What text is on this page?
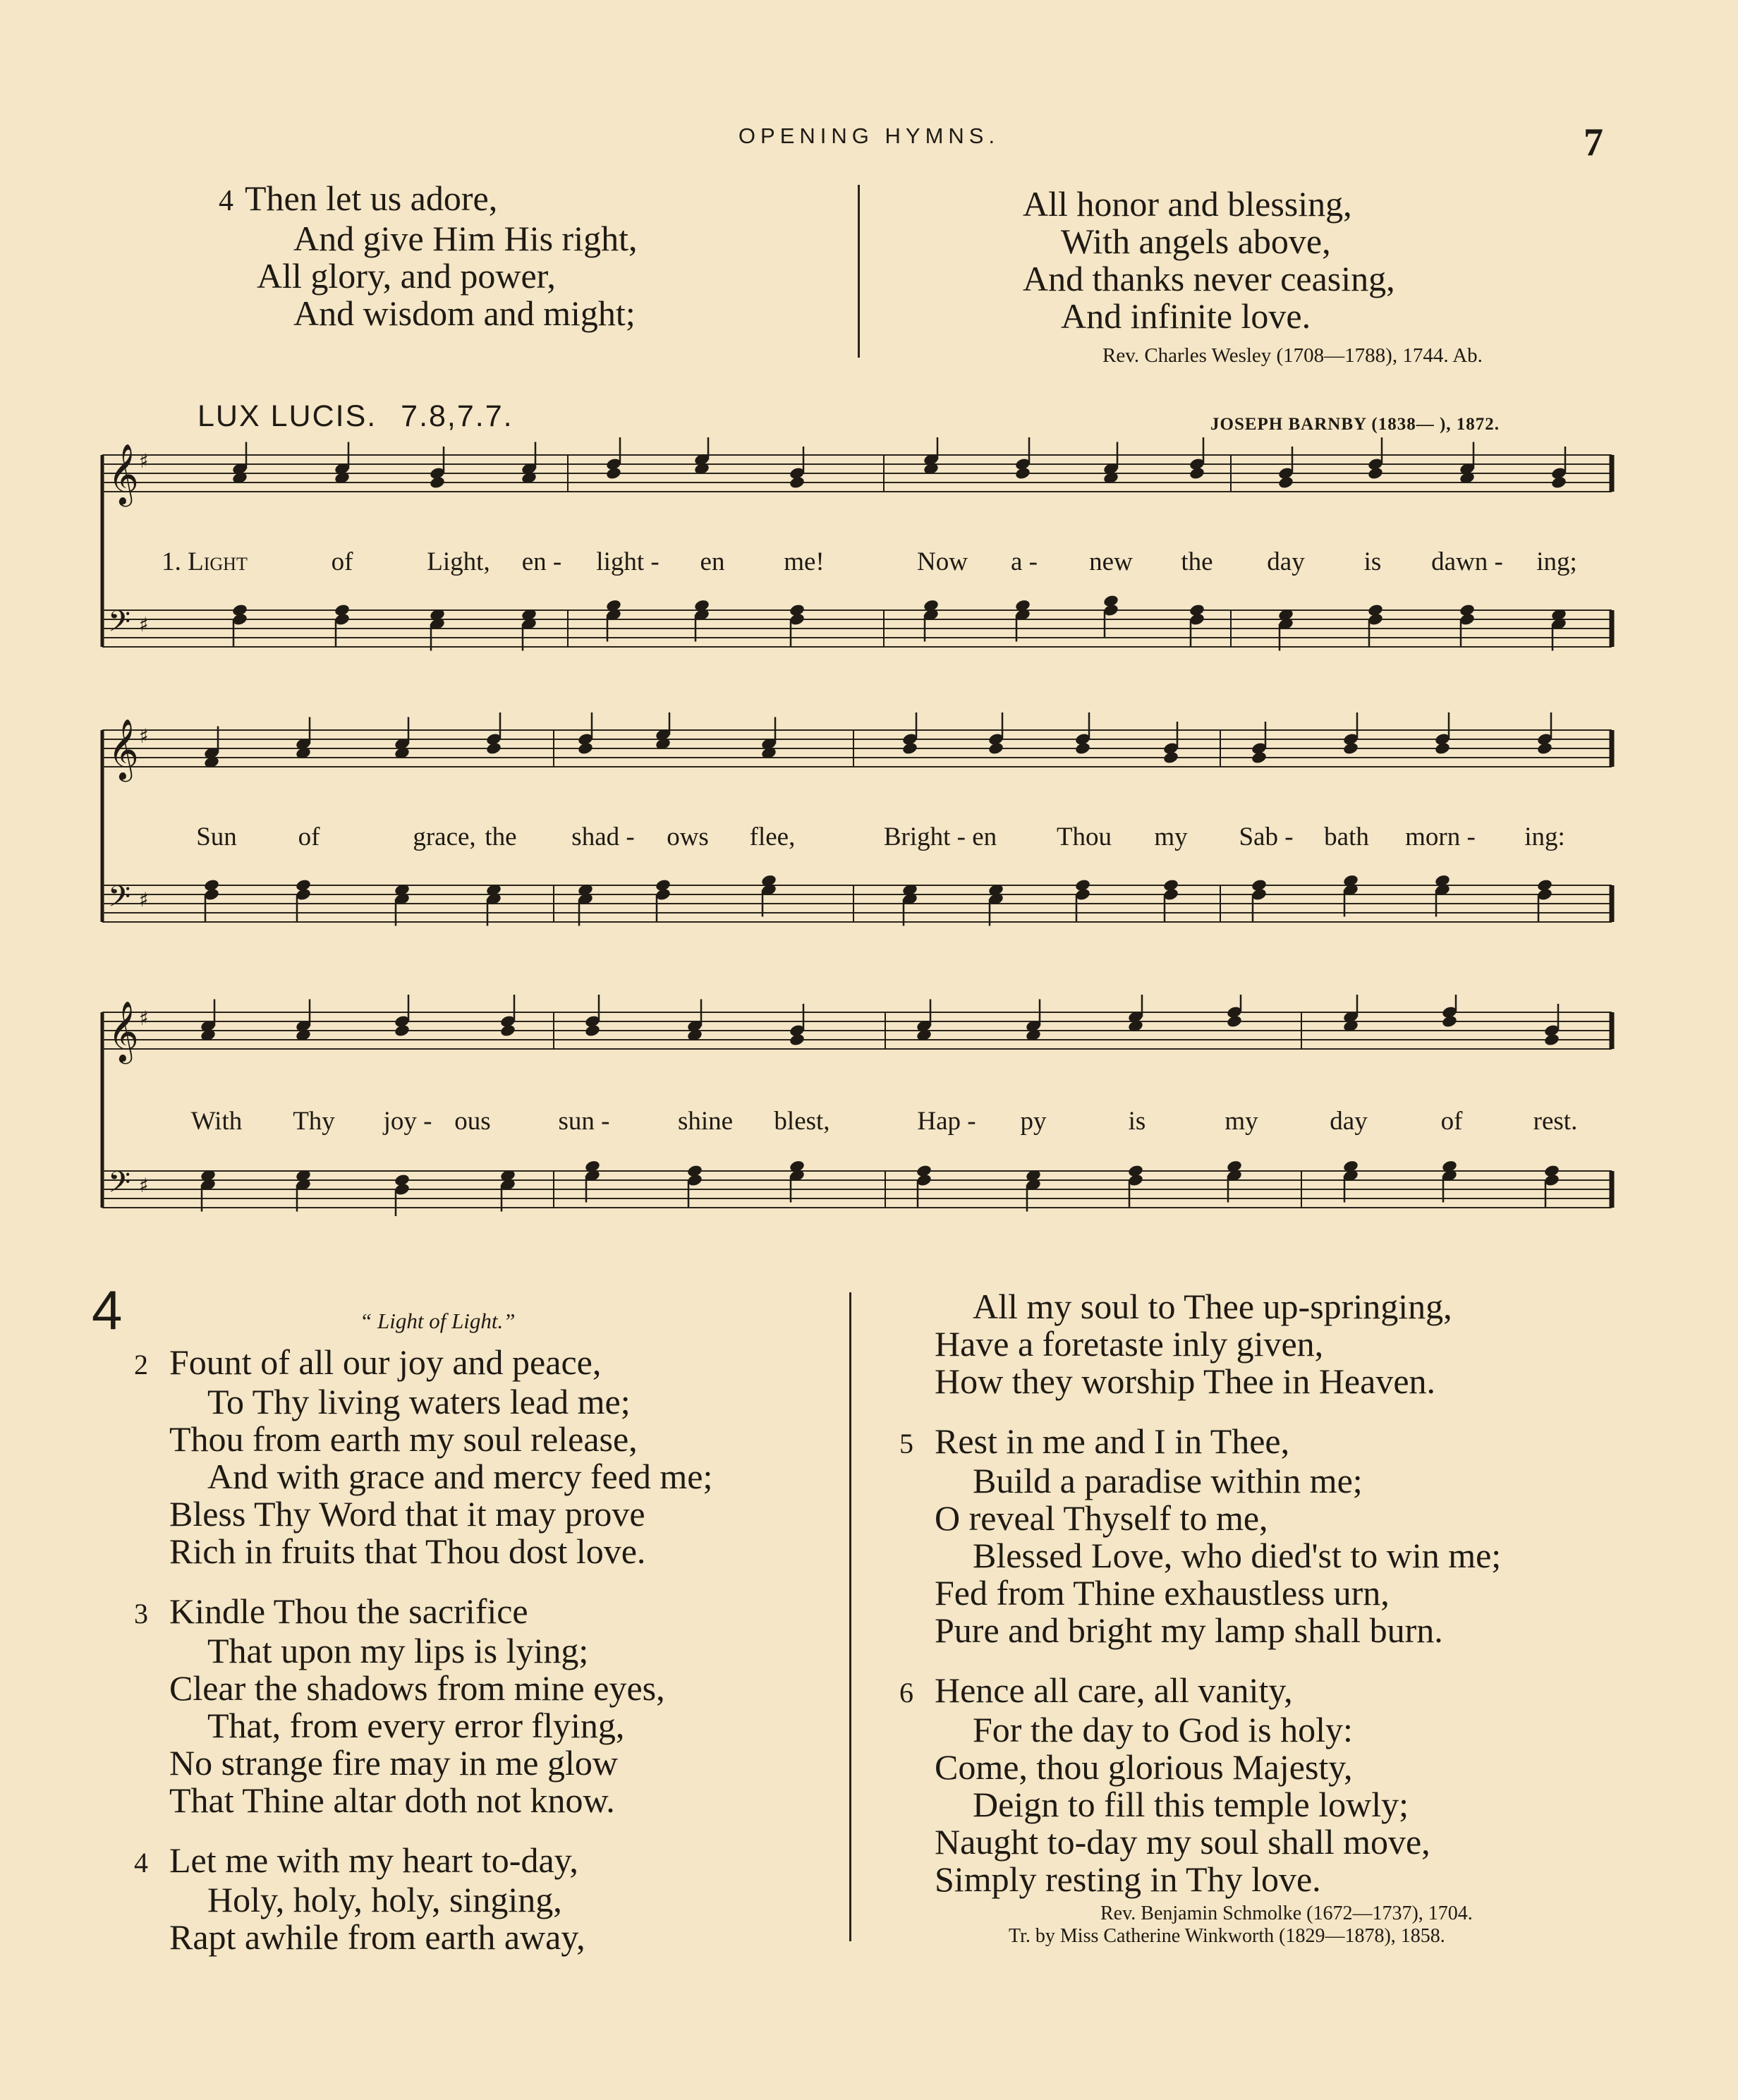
OPENING HYMNS.	7
4 Then let us adore,
And give Him His right,
All glory, and power,
And wisdom and might;
All honor and blessing,
With angels above,
And thanks never ceasing,
And infinite love.
Rev. Charles Wesley (1708—1788), 1744. Ab.
LUX LUCIS. 7.8,7.7.	JOSEPH BARNBY (1838— ), 1872.
𝄞 ♯
𝄢 ♯
1. Light	of	Light, en - light - en me!	Now a - new the day is dawn - ing;
𝄞 ♯
𝄢 ♯
Sun of	grace, the shad - ows flee,	Bright - en Thou my Sab - bath morn - ing:
𝄞 ♯
𝄢 ♯
With Thy joy - ous	sun -	shine blest,	Hap - py	is	my	day	of	rest.
4	“ Light of Light.”
2 Fount of all our joy and peace,
To Thy living waters lead me;
Thou from earth my soul release,
And with grace and mercy feed me;
Bless Thy Word that it may prove
Rich in fruits that Thou dost love.
3 Kindle Thou the sacrifice
That upon my lips is lying;
Clear the shadows from mine eyes,
That, from every error flying,
No strange fire may in me glow
That Thine altar doth not know.
4 Let me with my heart to-day,
Holy, holy, holy, singing,
Rapt awhile from earth away,
All my soul to Thee up-springing,
Have a foretaste inly given,
How they worship Thee in Heaven.
5 Rest in me and I in Thee,
Build a paradise within me;
O reveal Thyself to me,
Blessed Love, who died'st to win me;
Fed from Thine exhaustless urn,
Pure and bright my lamp shall burn.
6 Hence all care, all vanity,
For the day to God is holy:
Come, thou glorious Majesty,
Deign to fill this temple lowly;
Naught to-day my soul shall move,
Simply resting in Thy love.
Rev. Benjamin Schmolke (1672—1737), 1704.
Tr. by Miss Catherine Winkworth (1829—1878), 1858.
